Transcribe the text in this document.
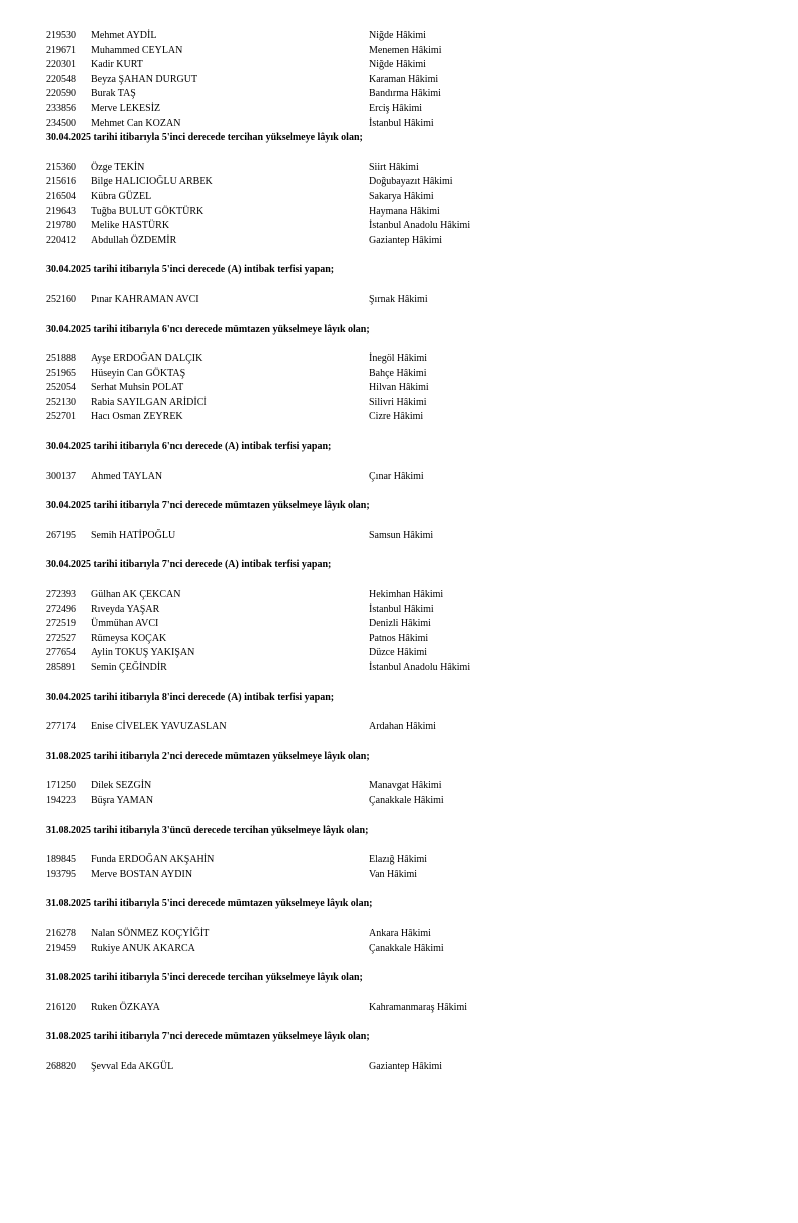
219530 Mehmet AYDİL	Niğde Hâkimi
219671 Muhammed CEYLAN	Menemen Hâkimi
220301 Kadir KURT	Niğde Hâkimi
220548 Beyza ŞAHAN DURGUT	Karaman Hâkimi
220590 Burak TAŞ	Bandırma Hâkimi
233856 Merve LEKESİZ	Erciş Hâkimi
234500 Mehmet Can KOZAN	İstanbul Hâkimi
30.04.2025 tarihi itibarıyla 5'inci derecede tercihan yükselmeye lâyık olan;
215360 Özge TEKİN	Siirt Hâkimi
215616 Bilge HALICIOĞLU ARBEK	Doğubayazıt Hâkimi
216504 Kübra GÜZEL	Sakarya Hâkimi
219643 Tuğba BULUT GÖKTÜRK	Haymana Hâkimi
219780 Melike HASTÜRK	İstanbul Anadolu Hâkimi
220412 Abdullah ÖZDEMİR	Gaziantep Hâkimi
30.04.2025 tarihi itibarıyla 5'inci derecede (A) intibak terfisi yapan;
252160 Pınar KAHRAMAN AVCI	Şırnak Hâkimi
30.04.2025 tarihi itibarıyla 6'ncı derecede mümtazen yükselmeye lâyık olan;
251888 Ayşe ERDOĞAN DALÇIK	İnegöl Hâkimi
251965 Hüseyin Can GÖKTAŞ	Bahçe Hâkimi
252054 Serhat Muhsin POLAT	Hilvan Hâkimi
252130 Rabia SAYILGAN ARİDİCİ	Silivri Hâkimi
252701 Hacı Osman ZEYREK	Cizre Hâkimi
30.04.2025 tarihi itibarıyla 6'ncı derecede (A) intibak terfisi yapan;
300137 Ahmed TAYLAN	Çınar Hâkimi
30.04.2025 tarihi itibarıyla 7'nci derecede mümtazen yükselmeye lâyık olan;
267195 Semih HATİPOĞLU	Samsun Hâkimi
30.04.2025 tarihi itibarıyla 7'nci derecede (A) intibak terfisi yapan;
272393 Gülhan AK ÇEKCAN	Hekimhan Hâkimi
272496 Rıveyda YAŞAR	İstanbul Hâkimi
272519 Ümmühan AVCI	Denizli Hâkimi
272527 Rümeysa KOÇAK	Patnos Hâkimi
277654 Aylin TOKUŞ YAKIŞAN	Düzce Hâkimi
285891 Semin ÇEĞİNDİR	İstanbul Anadolu Hâkimi
30.04.2025 tarihi itibarıyla 8'inci derecede (A) intibak terfisi yapan;
277174 Enise CİVELEK YAVUZASLAN	Ardahan Hâkimi
31.08.2025 tarihi itibarıyla 2'nci derecede mümtazen yükselmeye lâyık olan;
171250 Dilek SEZGİN	Manavgat Hâkimi
194223 Büşra YAMAN	Çanakkale Hâkimi
31.08.2025 tarihi itibarıyla 3'üncü derecede tercihan yükselmeye lâyık olan;
189845 Funda ERDOĞAN AKŞAHİN	Elazığ Hâkimi
193795 Merve BOSTAN AYDIN	Van Hâkimi
31.08.2025 tarihi itibarıyla 5'inci derecede mümtazen yükselmeye lâyık olan;
216278 Nalan SÖNMEZ KOÇYİĞİT	Ankara Hâkimi
219459 Rukiye ANUK AKARCA	Çanakkale Hâkimi
31.08.2025 tarihi itibarıyla 5'inci derecede tercihan yükselmeye lâyık olan;
216120 Ruken ÖZKAYA	Kahramanmaraş Hâkimi
31.08.2025 tarihi itibarıyla 7'nci derecede mümtazen yükselmeye lâyık olan;
268820 Şevval Eda AKGÜL	Gaziantep Hâkimi
